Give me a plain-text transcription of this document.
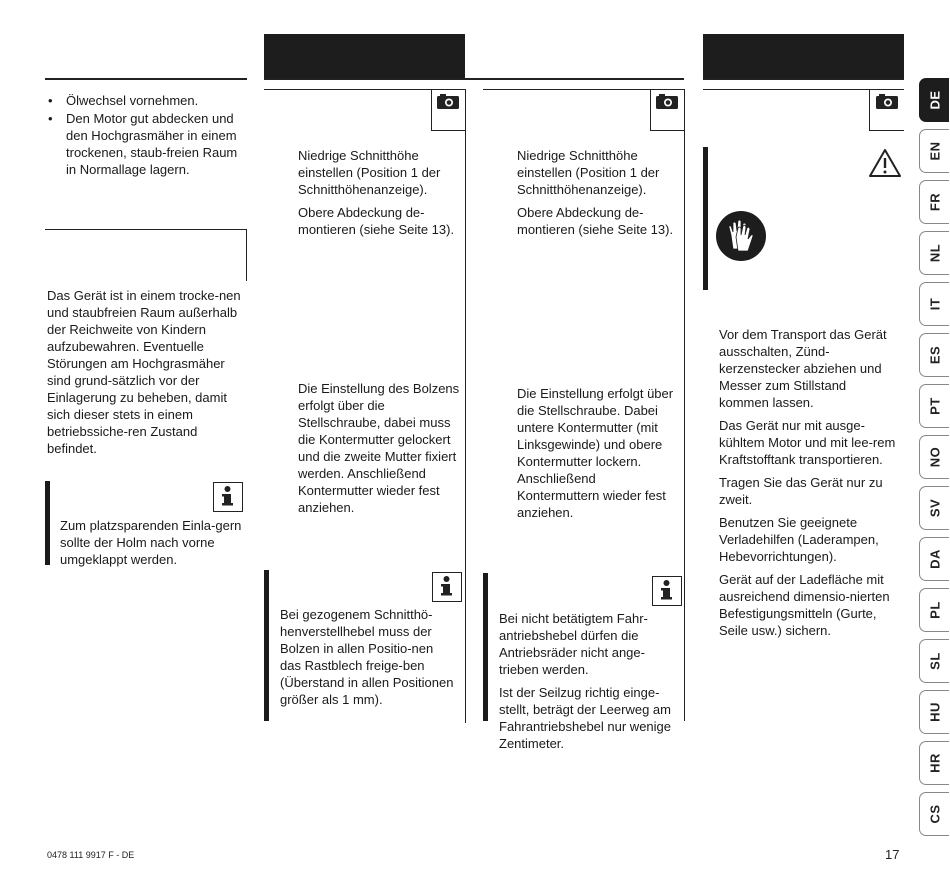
• Ölwechsel vornehmen.
• Den Motor gut abdecken und den Hochgrasmäher in einem trockenen, staub-freien Raum in Normallage lagern.
Das Gerät ist in einem trocke-nen und staubfreien Raum außerhalb der Reichweite von Kindern aufzubewahren. Eventuelle Störungen am Hochgrasmäher sind grund-sätzlich vor der Einlagerung zu beheben, damit sich dieser stets in einem betriebssiche-ren Zustand befindet.
Zum platzsparenden Einla-gern sollte der Holm nach vorne umgeklappt werden.

Niedrige Schnitthöhe einstellen (Position 1 der Schnitthöhenanzeige).

Obere Abdeckung de-montieren (siehe Seite 13).

Die Einstellung des Bolzens erfolgt über die Stellschraube, dabei muss die Kontermutter gelockert und die zweite Mutter fixiert werden. Anschließend Kontermutter wieder fest anziehen.
Bei gezogenem Schnitthö-henverstellhebel muss der Bolzen in allen Positio-nen das Rastblech freige-ben (Überstand in allen Positionen größer als 1 mm).

Niedrige Schnitthöhe einstellen (Position 1 der Schnitthöhenanzeige).

Obere Abdeckung de-montieren (siehe Seite 13).

Die Einstellung erfolgt über die Stellschraube. Dabei untere Kontermutter (mit Linksgewinde) und obere Kontermutter lockern. Anschließend Kontermuttern wieder fest anziehen.

Bei nicht betätigtem Fahr-antriebshebel dürfen die Antriebsräder nicht ange-trieben werden.

Ist der Seilzug richtig einge-stellt, beträgt der Leerweg am Fahrantriebshebel nur wenige Zentimeter.

Vor dem Transport das Gerät ausschalten, Zünd-kerzenstecker abziehen und Messer zum Stillstand kommen lassen.

Das Gerät nur mit ausge-kühltem Motor und mit lee-rem Kraftstofftank transportieren.

Tragen Sie das Gerät nur zu zweit.

Benutzen Sie geeignete Verladehilfen (Laderampen, Hebevorrichtungen).

Gerät auf der Ladefläche mit ausreichend dimensio-nierten Befestigungsmitteln (Gurte, Seile usw.) sichern.

DE
EN
FR
NL
IT
ES
PT
NO
SV
DA
PL
SL
HU
HR
CS
0478 111 9917 F - DE	17
